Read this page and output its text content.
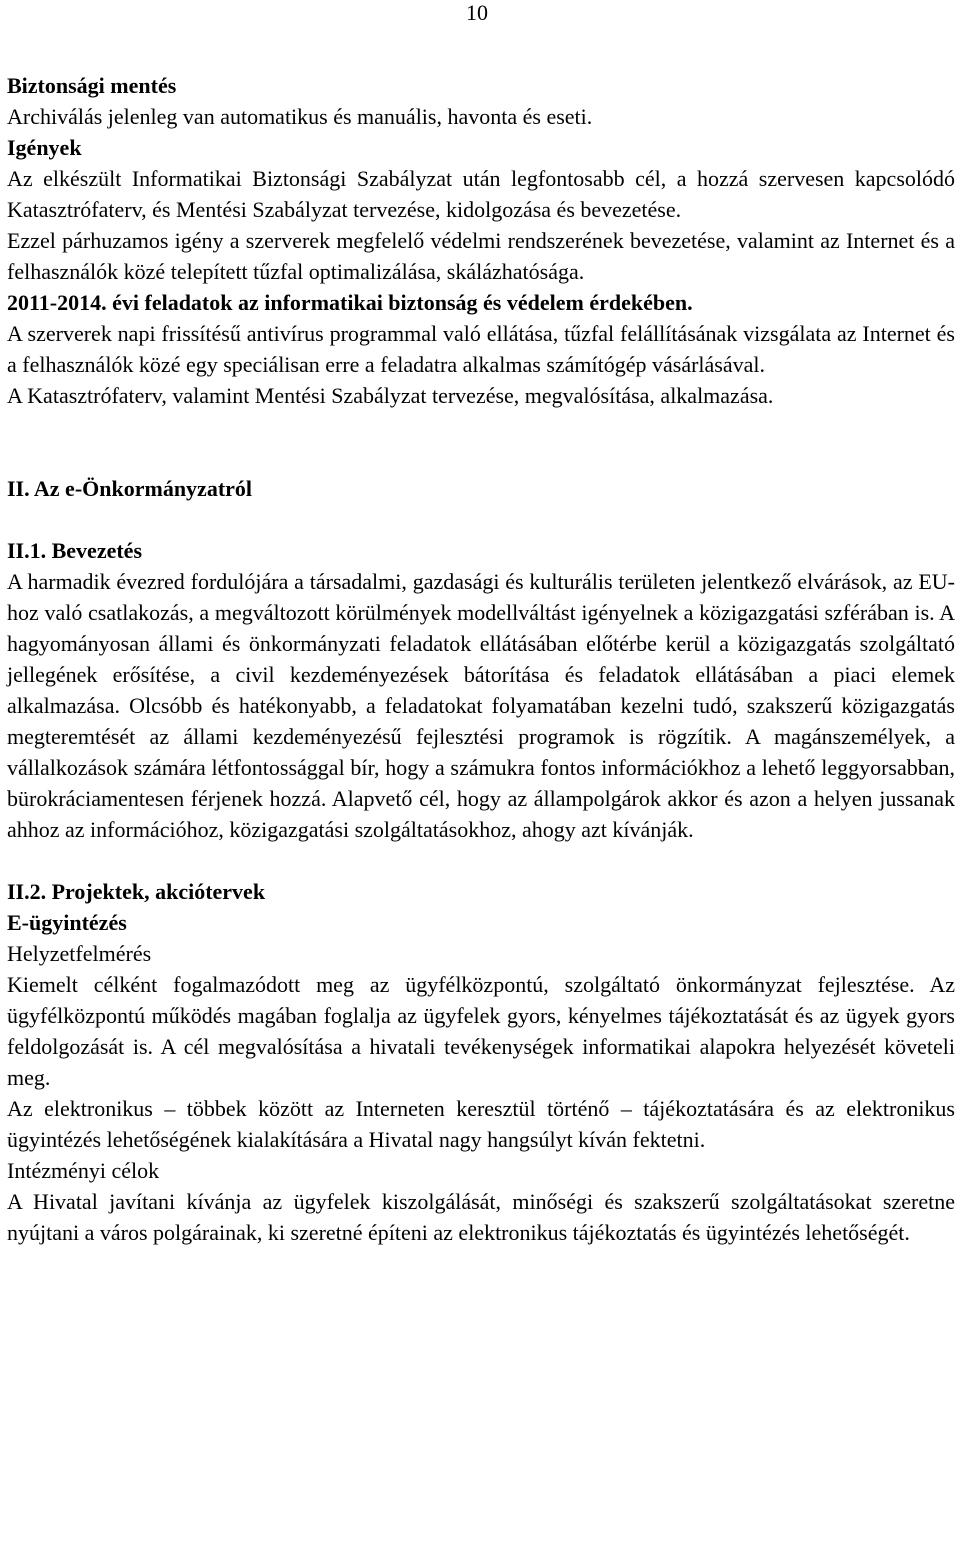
10

Biztonsági mentés

Archiválás jelenleg van automatikus és manuális, havonta és eseti.

Igények

Az elkészült Informatikai Biztonsági Szabályzat után legfontosabb cél, a hozzá szervesen kapcsolódó Katasztrófaterv, és Mentési Szabályzat tervezése, kidolgozása és bevezetése.

Ezzel párhuzamos igény a szerverek megfelelő védelmi rendszerének bevezetése, valamint az Internet és a felhasználók közé telepített tűzfal optimalizálása, skálázhatósága.

2011-2014. évi feladatok az informatikai biztonság és védelem érdekében.

A szerverek napi frissítésű antivírus programmal való ellátása, tűzfal felállításának vizsgálata az Internet és a felhasználók közé egy speciálisan erre a feladatra alkalmas számítógép vásárlásával.

A Katasztrófaterv, valamint Mentési Szabályzat tervezése, megvalósítása, alkalmazása.

II. Az e-Önkormányzatról

II.1. Bevezetés

A harmadik évezred fordulójára a társadalmi, gazdasági és kulturális területen jelentkező elvárások, az EU-hoz való csatlakozás, a megváltozott körülmények modellváltást igényelnek a közigazgatási szférában is. A hagyományosan állami és önkormányzati feladatok ellátásában előtérbe kerül a közigazgatás szolgáltató jellegének erősítése, a civil kezdeményezések bátorítása és feladatok ellátásában a piaci elemek alkalmazása. Olcsóbb és hatékonyabb, a feladatokat folyamatában kezelni tudó, szakszerű közigazgatás megteremtését az állami kezdeményezésű fejlesztési programok is rögzítik. A magánszemélyek, a vállalkozások számára létfontossággal bír, hogy a számukra fontos információkhoz a lehető leggyorsabban, bürokráciamentesen férjenek hozzá. Alapvető cél, hogy az állampolgárok akkor és azon a helyen jussanak ahhoz az információhoz, közigazgatási szolgáltatásokhoz, ahogy azt kívánják.

II.2. Projektek, akciótervek

E-ügyintézés

Helyzetfelmérés

Kiemelt célként fogalmazódott meg az ügyfélközpontú, szolgáltató önkormányzat fejlesztése. Az ügyfélközpontú működés magában foglalja az ügyfelek gyors, kényelmes tájékoztatását és az ügyek gyors feldolgozását is. A cél megvalósítása a hivatali tevékenységek informatikai alapokra helyezését követeli meg.

Az elektronikus – többek között az Interneten keresztül történő – tájékoztatására és az elektronikus ügyintézés lehetőségének kialakítására a Hivatal nagy hangsúlyt kíván fektetni.

Intézményi célok

A Hivatal javítani kívánja az ügyfelek kiszolgálását, minőségi és szakszerű szolgáltatásokat szeretne nyújtani a város polgárainak, ki szeretné építeni az elektronikus tájékoztatás és ügyintézés lehetőségét.
